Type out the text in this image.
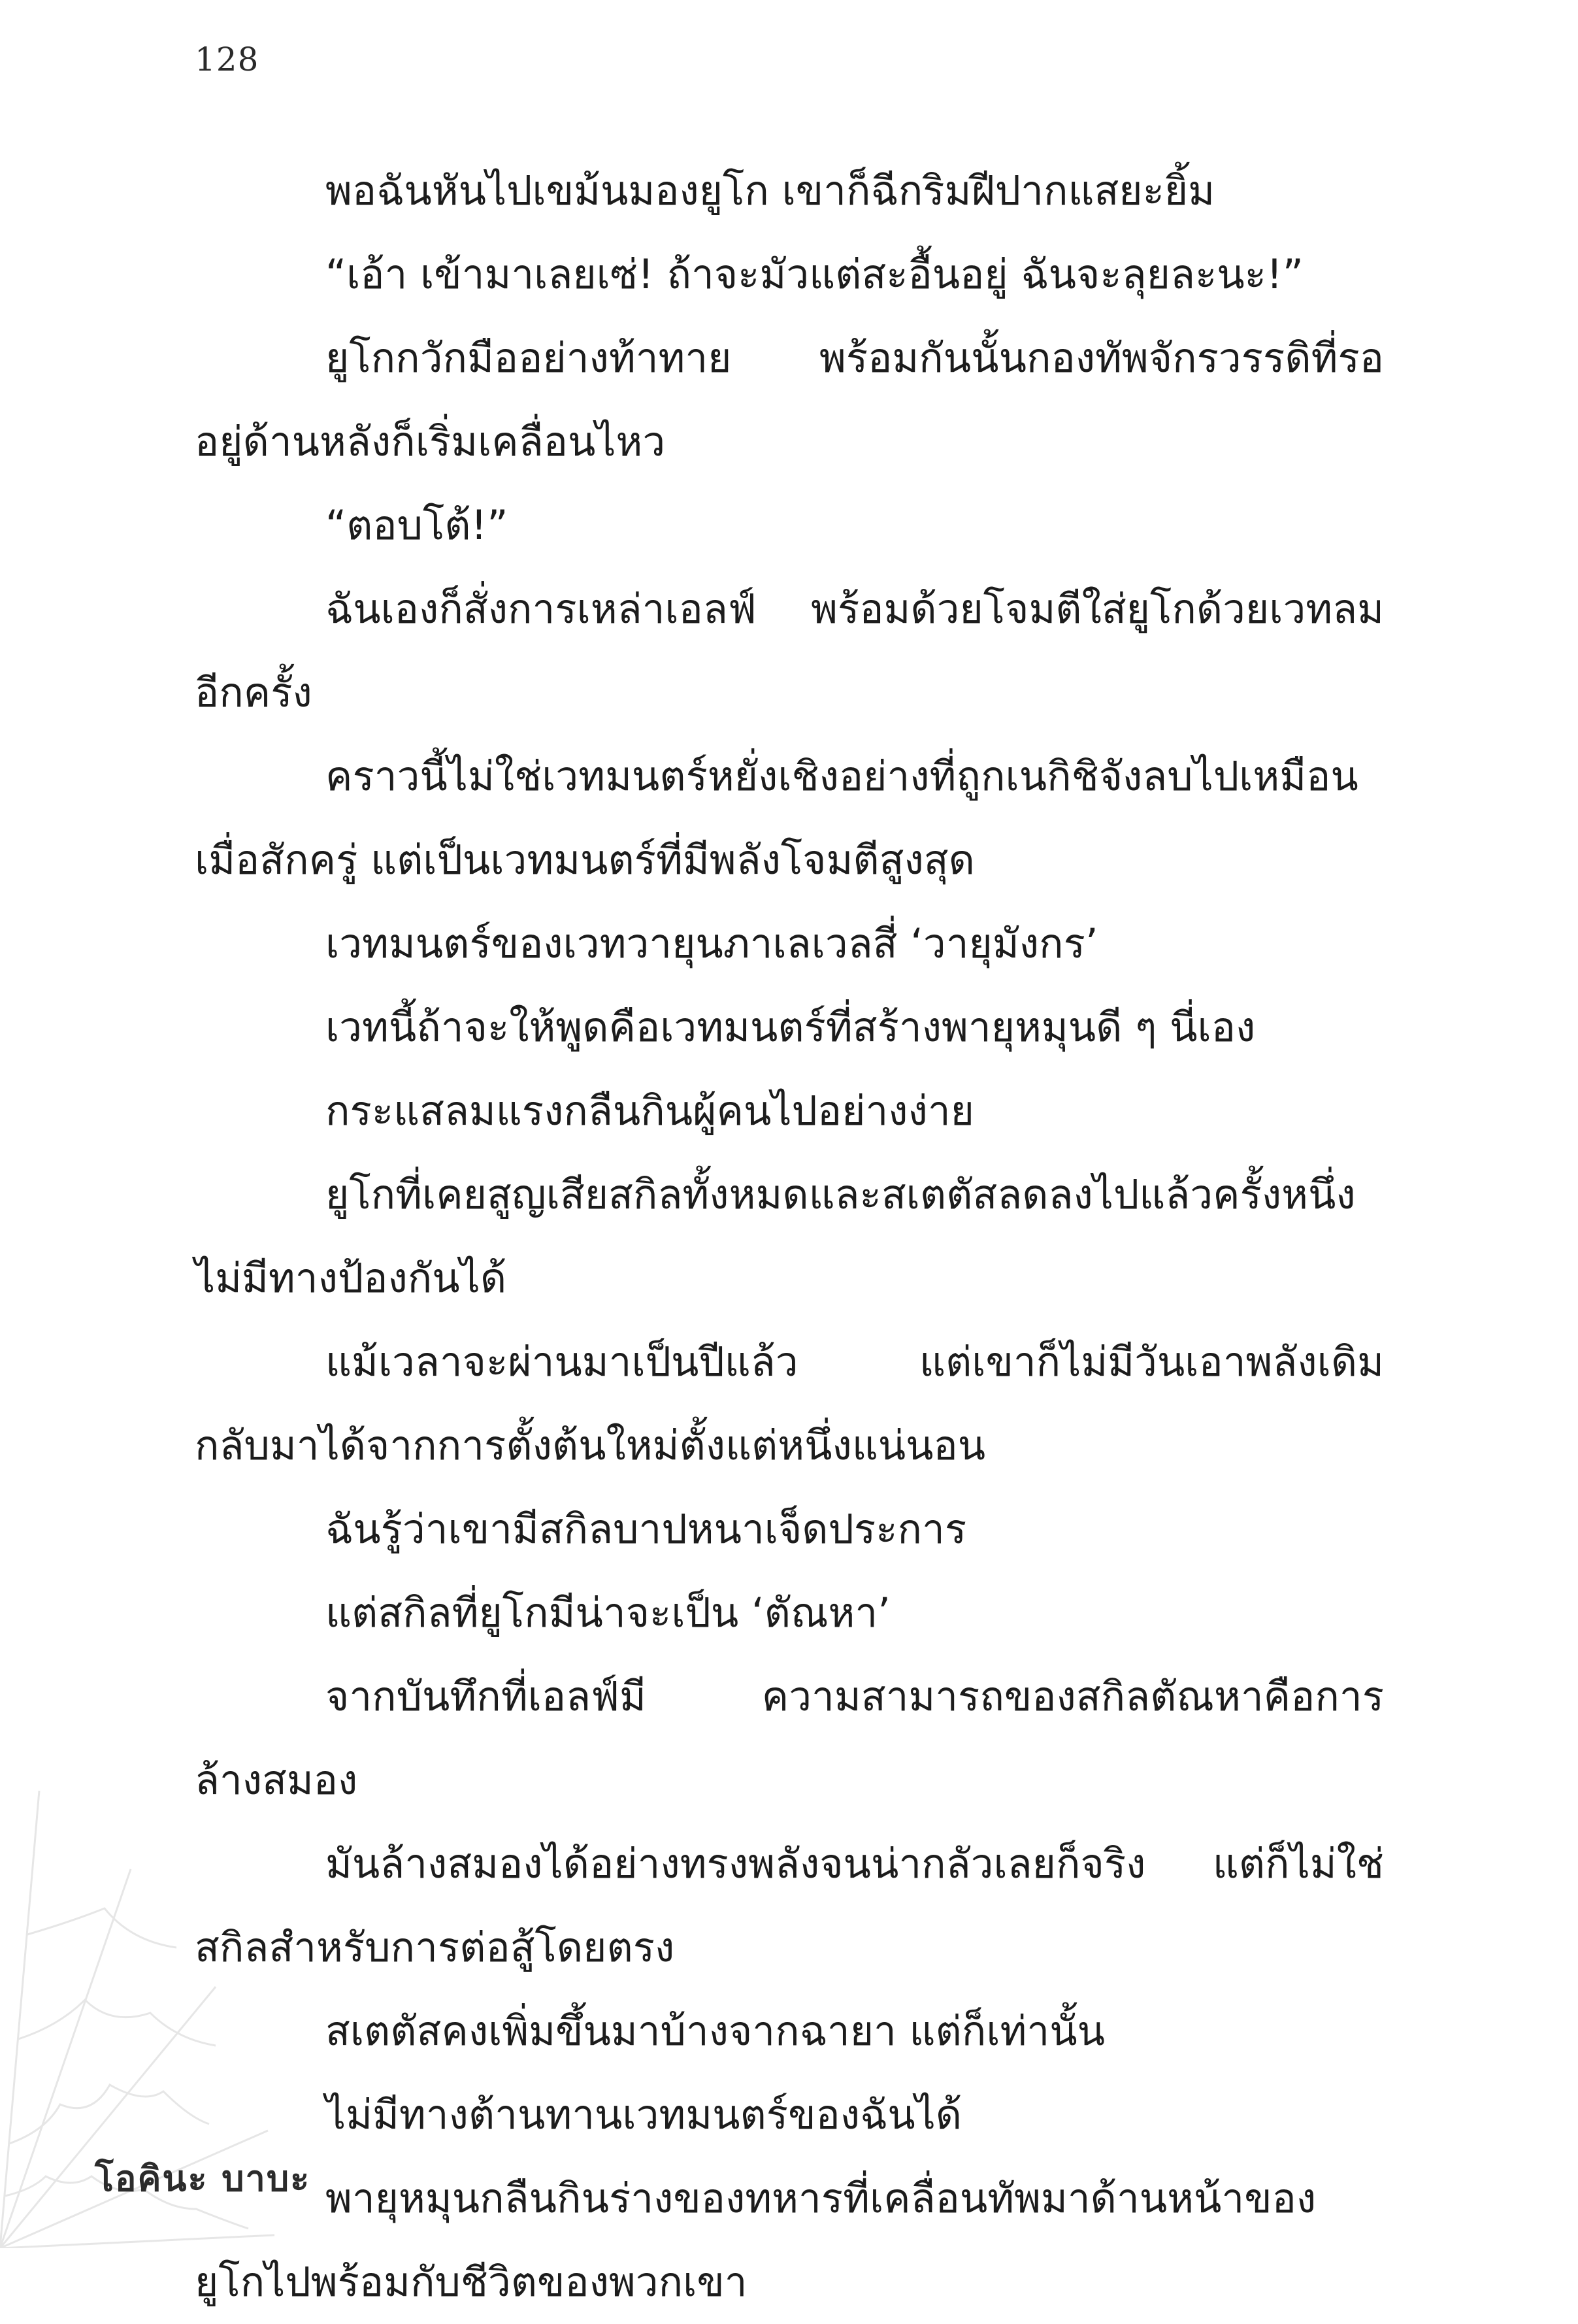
128
พอฉันหันไปเขม้นมองยูโก เขาก็ฉีกริมฝีปากแสยะยิ้ม
“เอ้า เข้ามาเลยเซ่! ถ้าจะมัวแต่สะอื้นอยู่ ฉันจะลุยละนะ!”
ยูโกกวักมืออย่างท้าทาย พร้อมกันนั้นกองทัพจักรวรรดิที่รอ
อยู่ด้านหลังก็เริ่มเคลื่อนไหว
“ตอบโต้!”
ฉันเองก็สั่งการเหล่าเอลฟ์ พร้อมด้วยโจมตีใส่ยูโกด้วยเวทลม
อีกครั้ง
คราวนี้ไม่ใช่เวทมนตร์หยั่งเชิงอย่างที่ถูกเนกิชิจังลบไปเหมือน
เมื่อสักครู่ แต่เป็นเวทมนตร์ที่มีพลังโจมตีสูงสุด
เวทมนตร์ของเวทวายุนภาเลเวลสี่ ‘วายุมังกร’
เวทนี้ถ้าจะให้พูดคือเวทมนตร์ที่สร้างพายุหมุนดี ๆ นี่เอง
กระแสลมแรงกลืนกินผู้คนไปอย่างง่าย
ยูโกที่เคยสูญเสียสกิลทั้งหมดและสเตตัสลดลงไปแล้วครั้งหนึ่ง
ไม่มีทางป้องกันได้
แม้เวลาจะผ่านมาเป็นปีแล้ว แต่เขาก็ไม่มีวันเอาพลังเดิม
กลับมาได้จากการตั้งต้นใหม่ตั้งแต่หนึ่งแน่นอน
ฉันรู้ว่าเขามีสกิลบาปหนาเจ็ดประการ
แต่สกิลที่ยูโกมีน่าจะเป็น ‘ตัณหา’
จากบันทึกที่เอลฟ์มี ความสามารถของสกิลตัณหาคือการ
ล้างสมอง
มันล้างสมองได้อย่างทรงพลังจนน่ากลัวเลยก็จริง แต่ก็ไม่ใช่
สกิลสำหรับการต่อสู้โดยตรง
สเตตัสคงเพิ่มขึ้นมาบ้างจากฉายา แต่ก็เท่านั้น
ไม่มีทางต้านทานเวทมนตร์ของฉันได้
พายุหมุนกลืนกินร่างของทหารที่เคลื่อนทัพมาด้านหน้าของ
ยูโกไปพร้อมกับชีวิตของพวกเขา
โอคินะ บาบะ
